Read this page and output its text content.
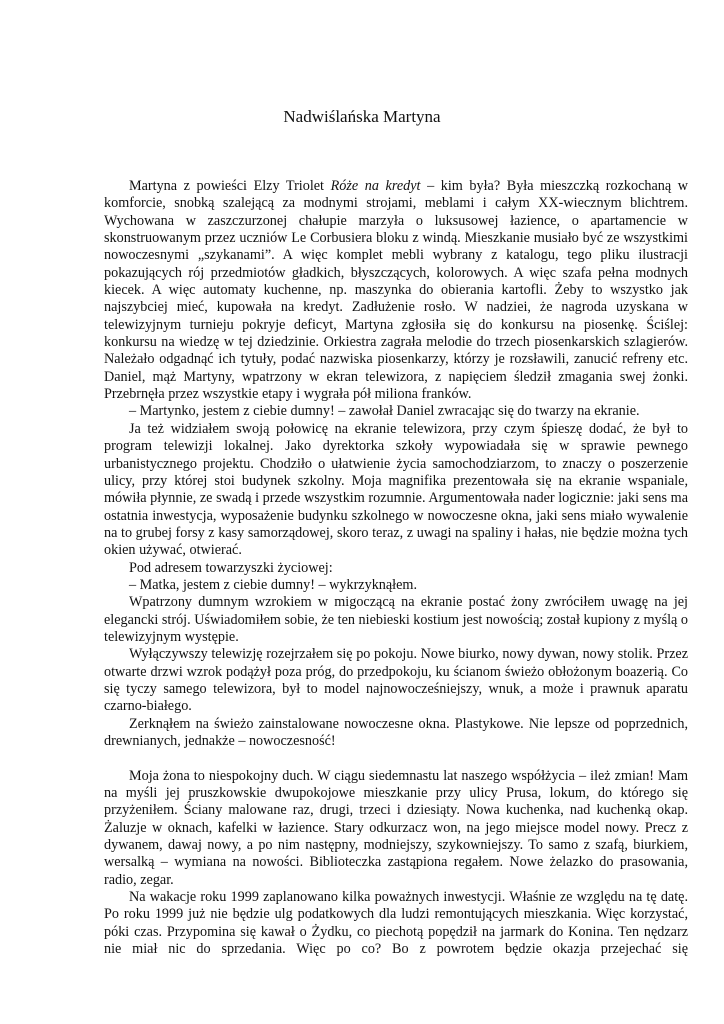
Nadwiślańska Martyna

Martyna z powieści Elzy Triolet Róże na kredyt – kim była? Była mieszczką rozkochaną w komforcie, snobką szalejącą za modnymi strojami, meblami i całym XX-wiecznym blichtrem. Wychowana w zaszczurzonej chałupie marzyła o luksusowej łazience, o apartamencie w skonstruowanym przez uczniów Le Corbusiera bloku z windą. Mieszkanie musiało być ze wszystkimi nowoczesnymi „szykanami”. A więc komplet mebli wybrany z katalogu, tego pliku ilustracji pokazujących rój przedmiotów gładkich, błyszczących, kolorowych. A więc szafa pełna modnych kiecek. A więc automaty kuchenne, np. maszynka do obierania kartofli. Żeby to wszystko jak najszybciej mieć, kupowała na kredyt. Zadłużenie rosło. W nadziei, że nagroda uzyskana w telewizyjnym turnieju pokryje deficyt, Martyna zgłosiła się do konkursu na piosenkę. Ściślej: konkursu na wiedzę w tej dziedzinie. Orkiestra zagrała melodie do trzech piosenkarskich szlagierów. Należało odgadnąć ich tytuły, podać nazwiska piosenkarzy, którzy je rozsławili, zanucić refreny etc. Daniel, mąż Martyny, wpatrzony w ekran telewizora, z napięciem śledził zmagania swej żonki. Przebrnęła przez wszystkie etapy i wygrała pół miliona franków.

– Martynko, jestem z ciebie dumny! – zawołał Daniel zwracając się do twarzy na ekranie.

Ja też widziałem swoją połowicę na ekranie telewizora, przy czym śpieszę dodać, że był to program telewizji lokalnej. Jako dyrektorka szkoły wypowiadała się w sprawie pewnego urbanistycznego projektu. Chodziło o ułatwienie życia samochodziarzom, to znaczy o poszerzenie ulicy, przy której stoi budynek szkolny. Moja magnifika prezentowała się na ekranie wspaniale, mówiła płynnie, ze swadą i przede wszystkim rozumnie. Argumentowała nader logicznie: jaki sens ma ostatnia inwestycja, wyposażenie budynku szkolnego w nowoczesne okna, jaki sens miało wywalenie na to grubej forsy z kasy samorządowej, skoro teraz, z uwagi na spaliny i hałas, nie będzie można tych okien używać, otwierać.

Pod adresem towarzyszki życiowej:

– Matka, jestem z ciebie dumny! – wykrzyknąłem.

Wpatrzony dumnym wzrokiem w migoczącą na ekranie postać żony zwróciłem uwagę na jej elegancki strój. Uświadomiłem sobie, że ten niebieski kostium jest nowością; został kupiony z myślą o telewizyjnym występie.

Wyłączywszy telewizję rozejrzałem się po pokoju. Nowe biurko, nowy dywan, nowy stolik. Przez otwarte drzwi wzrok podążył poza próg, do przedpokoju, ku ścianom świeżo obłożonym boazerią. Co się tyczy samego telewizora, był to model najnowocześniejszy, wnuk, a może i prawnuk aparatu czarno-białego.

Zerknąłem na świeżo zainstalowane nowoczesne okna. Plastykowe. Nie lepsze od poprzednich, drewnianych, jednakże – nowoczesność!

Moja żona to niespokojny duch. W ciągu siedemnastu lat naszego współżycia – ileż zmian! Mam na myśli jej pruszkowskie dwupokojowe mieszkanie przy ulicy Prusa, lokum, do którego się przyżeniłem. Ściany malowane raz, drugi, trzeci i dziesiąty. Nowa kuchenka, nad kuchenką okap. Żaluzje w oknach, kafelki w łazience. Stary odkurzacz won, na jego miejsce model nowy. Precz z dywanem, dawaj nowy, a po nim następny, modniejszy, szykowniejszy. To samo z szafą, biurkiem, wersalką – wymiana na nowości. Biblioteczka zastąpiona regałem. Nowe żelazko do prasowania, radio, zegar.

Na wakacje roku 1999 zaplanowano kilka poważnych inwestycji. Właśnie ze względu na tę datę. Po roku 1999 już nie będzie ulg podatkowych dla ludzi remontujących mieszkania. Więc korzystać, póki czas. Przypomina się kawał o Żydku, co piechotą popędził na jarmark do Konina. Ten nędzarz nie miał nic do sprzedania. Więc po co? Bo z powrotem będzie okazja przejechać się
